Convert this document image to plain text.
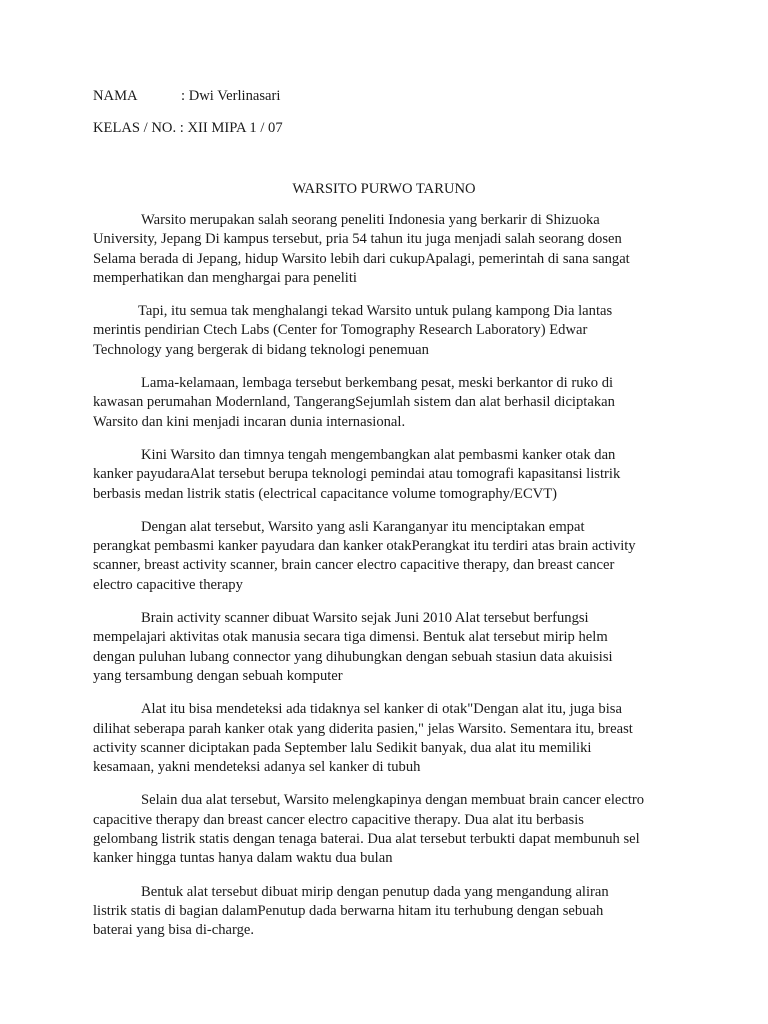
NAMA	: Dwi Verlinasari
KELAS / NO. : XII MIPA 1 / 07
WARSITO PURWO TARUNO

Warsito merupakan salah seorang peneliti Indonesia yang berkarir di Shizuoka
University, Jepang Di kampus tersebut, pria 54 tahun itu juga menjadi salah seorang dosen
Selama berada di Jepang, hidup Warsito lebih dari cukupApalagi, pemerintah di sana sangat
memperhatikan dan menghargai para peneliti

Tapi, itu semua tak menghalangi tekad Warsito untuk pulang kampong Dia lantas
merintis pendirian Ctech Labs (Center for Tomography Research Laboratory) Edwar
Technology yang bergerak di bidang teknologi penemuan

Lama-kelamaan, lembaga tersebut berkembang pesat, meski berkantor di ruko di
kawasan perumahan Modernland, TangerangSejumlah sistem dan alat berhasil diciptakan
Warsito dan kini menjadi incaran dunia internasional.

Kini Warsito dan timnya tengah mengembangkan alat pembasmi kanker otak dan
kanker payudaraAlat tersebut berupa teknologi pemindai atau tomografi kapasitansi listrik
berbasis medan listrik statis (electrical capacitance volume tomography/ECVT)

Dengan alat tersebut, Warsito yang asli Karanganyar itu menciptakan empat
perangkat pembasmi kanker payudara dan kanker otakPerangkat itu terdiri atas brain activity
scanner, breast activity scanner, brain cancer electro capacitive therapy, dan breast cancer
electro capacitive therapy

Brain activity scanner dibuat Warsito sejak Juni 2010 Alat tersebut berfungsi
mempelajari aktivitas otak manusia secara tiga dimensi. Bentuk alat tersebut mirip helm
dengan puluhan lubang connector yang dihubungkan dengan sebuah stasiun data akuisisi
yang tersambung dengan sebuah komputer

Alat itu bisa mendeteksi ada tidaknya sel kanker di otak"Dengan alat itu, juga bisa
dilihat seberapa parah kanker otak yang diderita pasien," jelas Warsito. Sementara itu, breast
activity scanner diciptakan pada September lalu Sedikit banyak, dua alat itu memiliki
kesamaan, yakni mendeteksi adanya sel kanker di tubuh

Selain dua alat tersebut, Warsito melengkapinya dengan membuat brain cancer electro
capacitive therapy dan breast cancer electro capacitive therapy. Dua alat itu berbasis
gelombang listrik statis dengan tenaga baterai. Dua alat tersebut terbukti dapat membunuh sel
kanker hingga tuntas hanya dalam waktu dua bulan

Bentuk alat tersebut dibuat mirip dengan penutup dada yang mengandung aliran
listrik statis di bagian dalamPenutup dada berwarna hitam itu terhubung dengan sebuah
baterai yang bisa di-charge.
